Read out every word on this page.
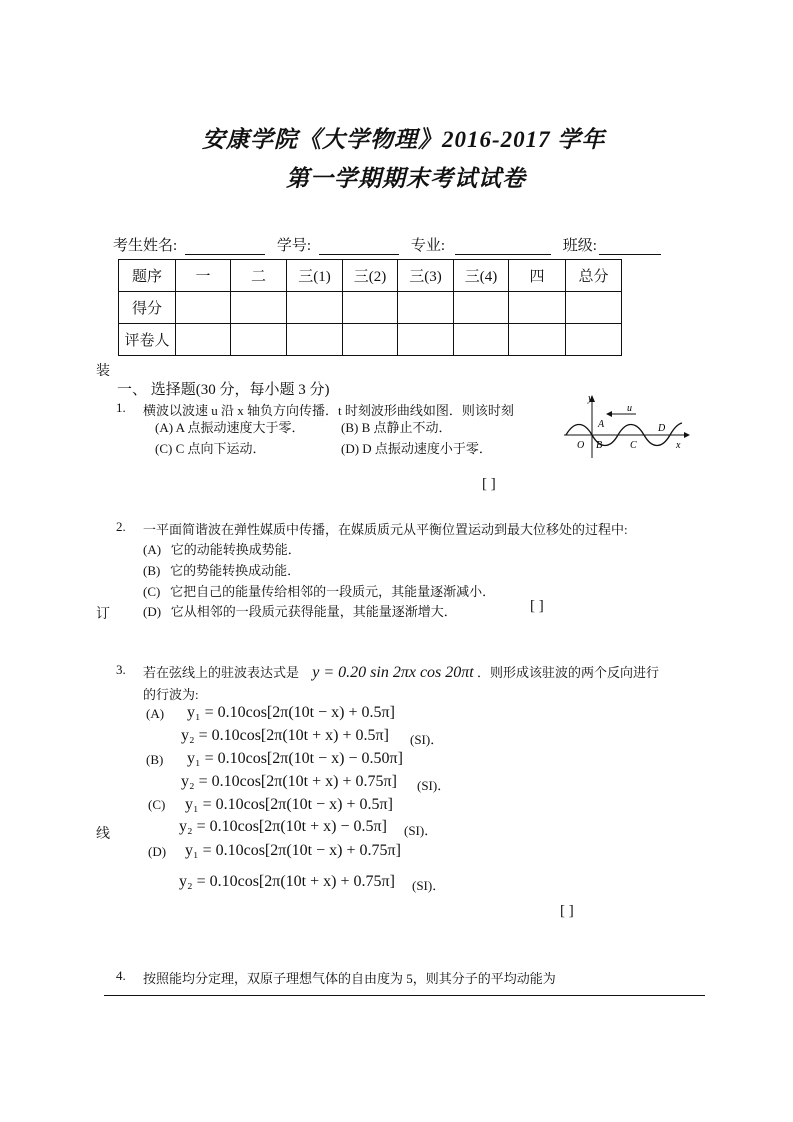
安康学院《大学物理》2016-2017 学年
第一学期期末考试试卷
考生姓名:	学号:	专业:	班级:
题序	一	二	三(1)	三(2)	三(3)	三(4)	四	总分
得分								
评卷人								
装
订
线
一、 选择题(30 分，每小题 3 分)
1. 横波以波速 u 沿 x 轴负方向传播．t 时刻波形曲线如图．则该时刻
(A) A 点振动速度大于零．	(B) B 点静止不动．
(C) C 点向下运动．	(D) D 点振动速度小于零．
[ ]
u
y
x
O
A
B	C
D
2. 一平面简谐波在弹性媒质中传播，在媒质质元从平衡位置运动到最大位移处的过程中:
(A) 它的动能转换成势能．
(B) 它的势能转换成动能．
(C) 它把自己的能量传给相邻的一段质元，其能量逐渐减小．
(D) 它从相邻的一段质元获得能量，其能量逐渐增大．	[ ]
3. 若在弦线上的驻波表达式是 y = 0.20 sin 2πx cos 20πt ．则形成该驻波的两个反向进行
的行波为:
(A) y₁ = 0.10cos[2π(10t − x) + 0.5π]
y₂ = 0.10cos[2π(10t + x) + 0.5π] (SI)．
(B) y₁ = 0.10cos[2π(10t − x) − 0.50π]
y₂ = 0.10cos[2π(10t + x) + 0.75π] (SI)．
(C) y₁ = 0.10cos[2π(10t − x) + 0.5π]
y₂ = 0.10cos[2π(10t + x) − 0.5π] (SI)．
(D) y₁ = 0.10cos[2π(10t − x) + 0.75π]
y₂ = 0.10cos[2π(10t + x) + 0.75π] (SI)．
[ ]
4. 按照能均分定理，双原子理想气体的自由度为 5，则其分子的平均动能为
